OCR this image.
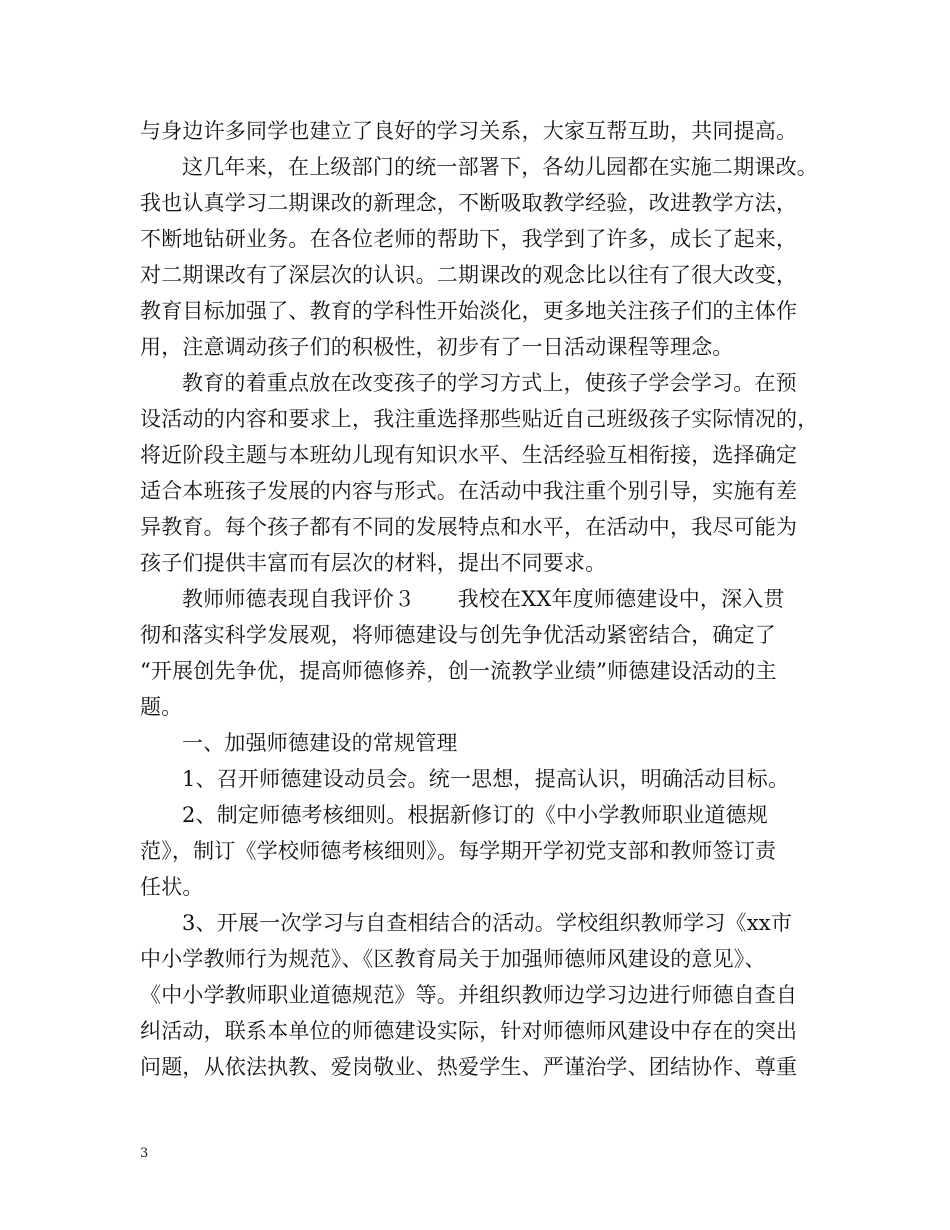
与身边许多同学也建立了良好的学习关系，大家互帮互助，共同提高。
这几年来，在上级部门的统一部署下，各幼儿园都在实施二期课改。
我也认真学习二期课改的新理念，不断吸取教学经验，改进教学方法，
不断地钻研业务。在各位老师的帮助下，我学到了许多，成长了起来，
对二期课改有了深层次的认识。二期课改的观念比以往有了很大改变，
教育目标加强了、教育的学科性开始淡化，更多地关注孩子们的主体作
用，注意调动孩子们的积极性，初步有了一日活动课程等理念。
教育的着重点放在改变孩子的学习方式上，使孩子学会学习。在预
设活动的内容和要求上，我注重选择那些贴近自己班级孩子实际情况的，
将近阶段主题与本班幼儿现有知识水平、生活经验互相衔接，选择确定
适合本班孩子发展的内容与形式。在活动中我注重个别引导，实施有差
异教育。每个孩子都有不同的发展特点和水平，在活动中，我尽可能为
孩子们提供丰富而有层次的材料，提出不同要求。
教师师德表现自我评价３　　我校在XX年度师德建设中，深入贯
彻和落实科学发展观，将师德建设与创先争优活动紧密结合，确定了
“开展创先争优，提高师德修养，创一流教学业绩”师德建设活动的主
题。
一、加强师德建设的常规管理
1、召开师德建设动员会。统一思想，提高认识，明确活动目标。
2、制定师德考核细则。根据新修订的《中小学教师职业道德规
范》，制订《学校师德考核细则》。每学期开学初党支部和教师签订责
任状。
3、开展一次学习与自查相结合的活动。学校组织教师学习《xx市
中小学教师行为规范》、《区教育局关于加强师德师风建设的意见》、
《中小学教师职业道德规范》等。并组织教师边学习边进行师德自查自
纠活动，联系本单位的师德建设实际，针对师德师风建设中存在的突出
问题，从依法执教、爱岗敬业、热爱学生、严谨治学、团结协作、尊重
3
